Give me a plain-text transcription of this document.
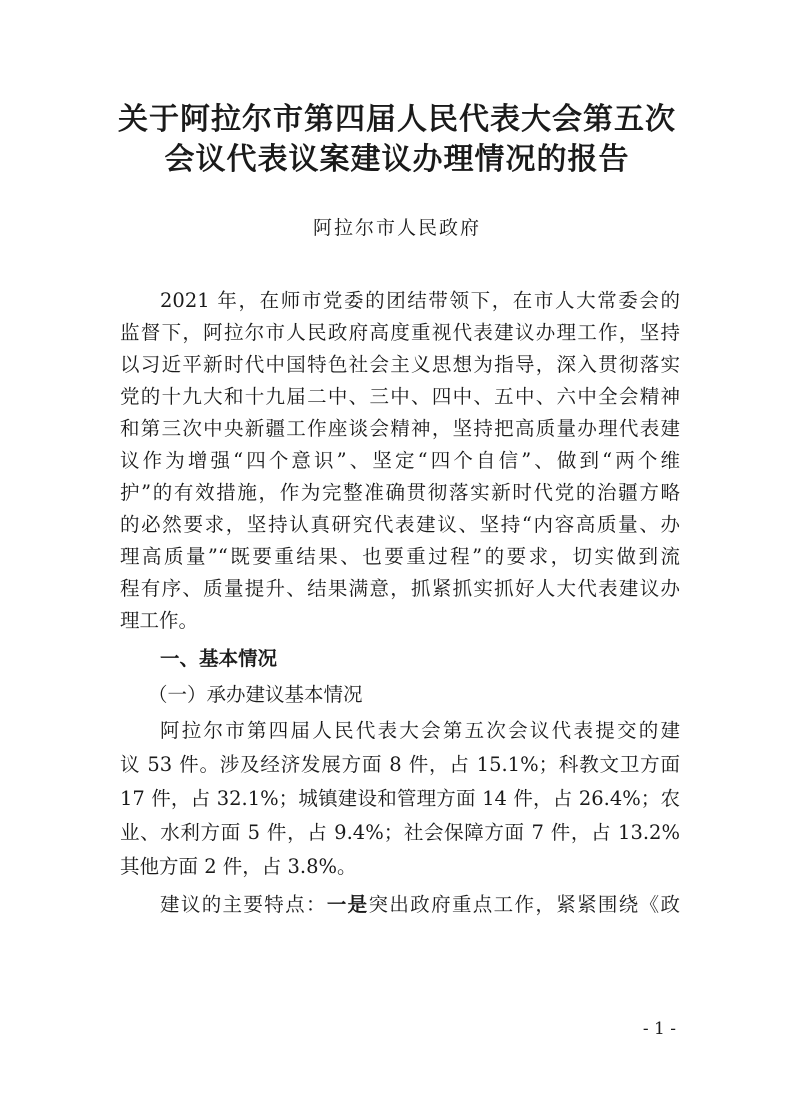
关于阿拉尔市第四届人民代表大会第五次
会议代表议案建议办理情况的报告
阿拉尔市人民政府
2021 年，在师市党委的团结带领下，在市人大常委会的
监督下，阿拉尔市人民政府高度重视代表建议办理工作，坚持
以习近平新时代中国特色社会主义思想为指导，深入贯彻落实
党的十九大和十九届二中、三中、四中、五中、六中全会精神
和第三次中央新疆工作座谈会精神，坚持把高质量办理代表建
议作为增强“四个意识”、坚定“四个自信”、做到“两个维
护”的有效措施，作为完整准确贯彻落实新时代党的治疆方略
的必然要求，坚持认真研究代表建议、坚持“内容高质量、办
理高质量”“既要重结果、也要重过程”的要求，切实做到流
程有序、质量提升、结果满意，抓紧抓实抓好人大代表建议办
理工作。
一、基本情况
（一）承办建议基本情况
阿拉尔市第四届人民代表大会第五次会议代表提交的建
议 53 件。涉及经济发展方面 8 件，占 15.1%；科教文卫方面
17 件，占 32.1%；城镇建设和管理方面 14 件，占 26.4%；农
业、水利方面 5 件，占 9.4%；社会保障方面 7 件，占 13.2%
其他方面 2 件，占 3.8%。
建议的主要特点：一是突出政府重点工作，紧紧围绕《政
- 1 -
